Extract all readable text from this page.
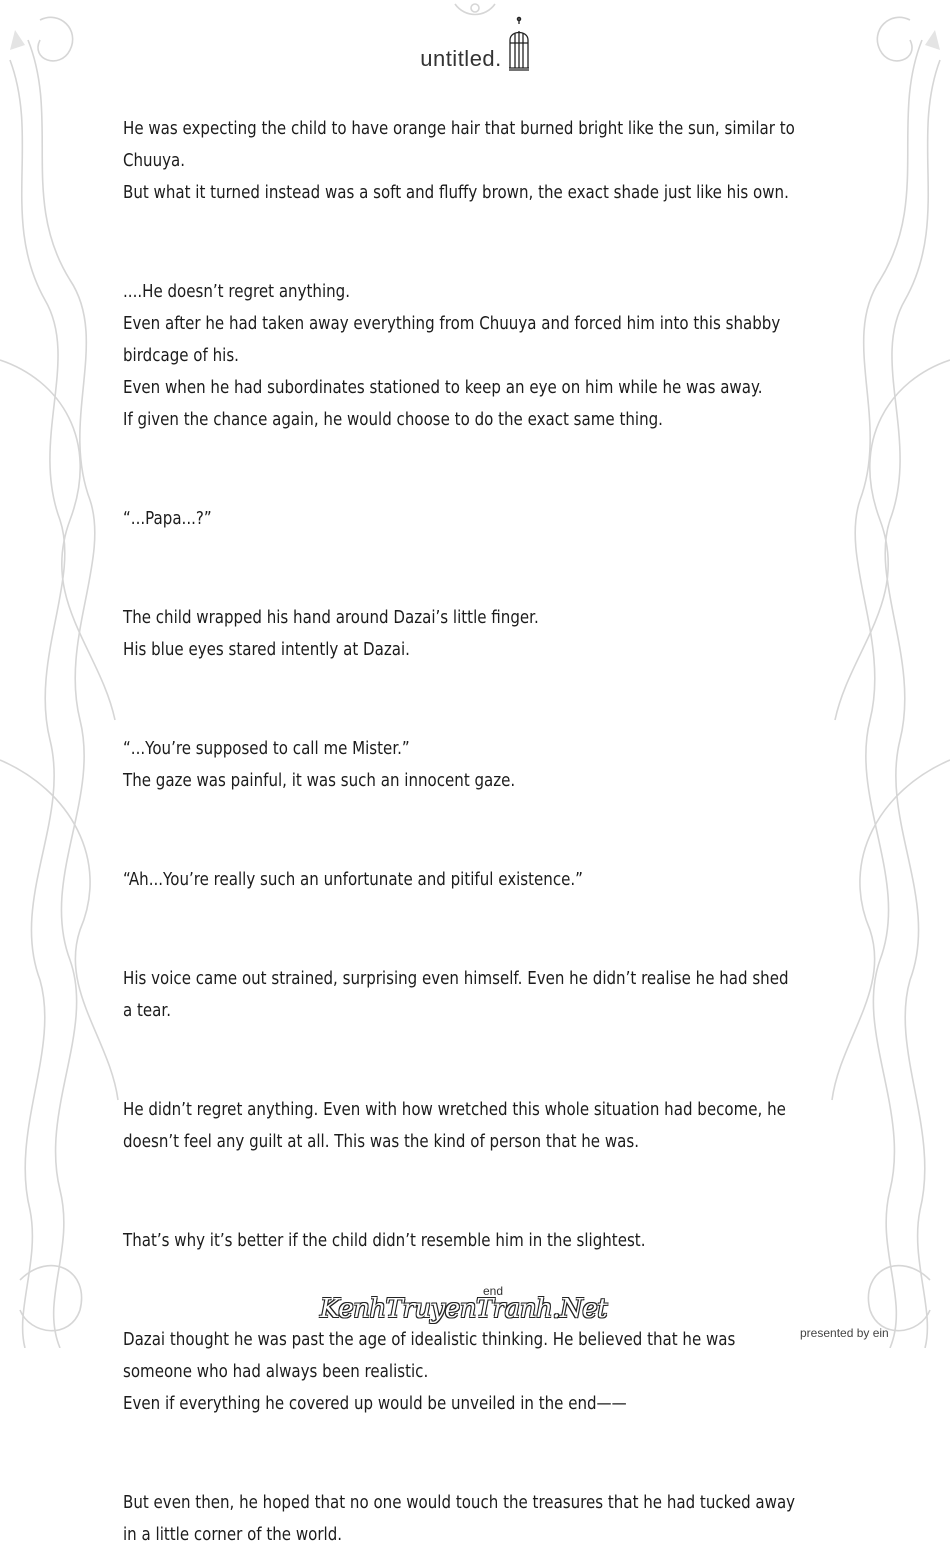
untitled.

He was expecting the child to have orange hair that burned bright like the sun, similar to Chuuya.

But what it turned instead was a soft and fluffy brown, the exact shade just like his own.

....He doesn’t regret anything.

Even after he had taken away everything from Chuuya and forced him into this shabby birdcage of his.

Even when he had subordinates stationed to keep an eye on him while he was away.

If given the chance again, he would choose to do the exact same thing.

“...Papa...?”

The child wrapped his hand around Dazai’s little finger.

His blue eyes stared intently at Dazai.

“...You’re supposed to call me Mister.”

The gaze was painful, it was such an innocent gaze.

“Ah...You’re really such an unfortunate and pitiful existence.”

His voice came out strained, surprising even himself. Even he didn’t realise he had shed a tear.

He didn’t regret anything. Even with how wretched this whole situation had become, he doesn’t feel any guilt at all. This was the kind of person that he was.

That’s why it’s better if the child didn’t resemble him in the slightest.

Dazai thought he was past the age of idealistic thinking. He believed that he was someone who had always been realistic.

Even if everything he covered up would be unveiled in the end——

But even then, he hoped that no one would touch the treasures that he had tucked away in a little corner of the world.

end
KenhTruyenTranh.Net
presented by ein
